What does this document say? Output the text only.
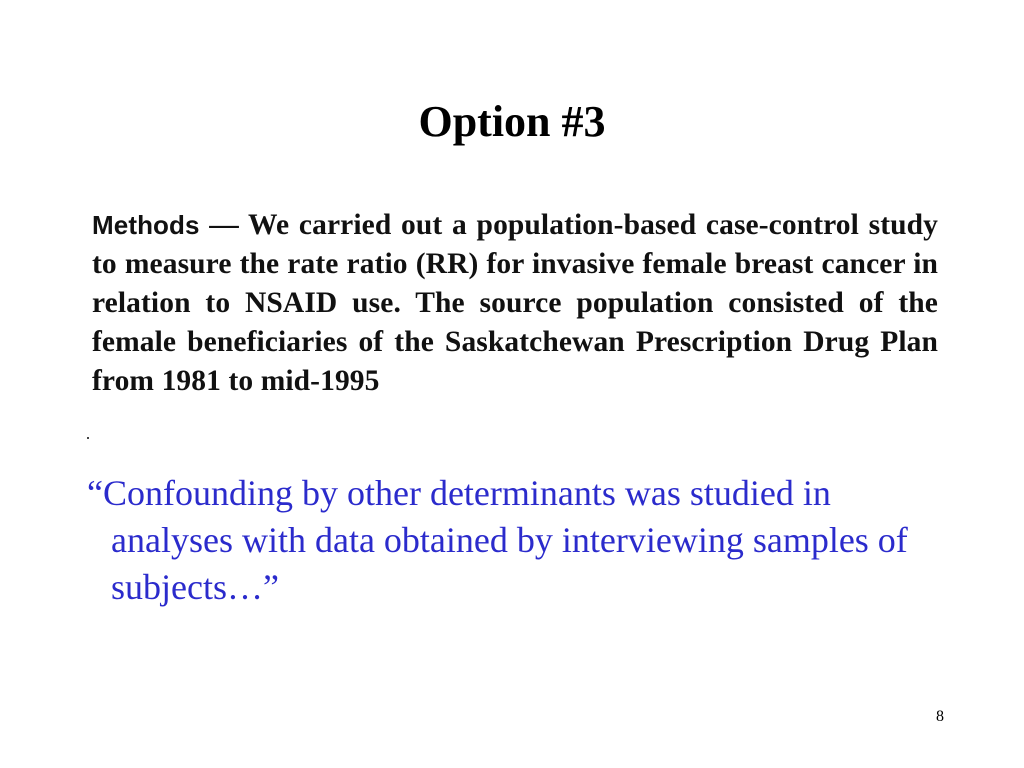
Option #3
Methods — We carried out a population-based case-control study to measure the rate ratio (RR) for invasive female breast cancer in relation to NSAID use. The source population consisted of the female beneficiaries of the Saskatchewan Prescription Drug Plan from 1981 to mid-1995
“Confounding by other determinants was studied in analyses with data obtained by interviewing samples of subjects…”
8
